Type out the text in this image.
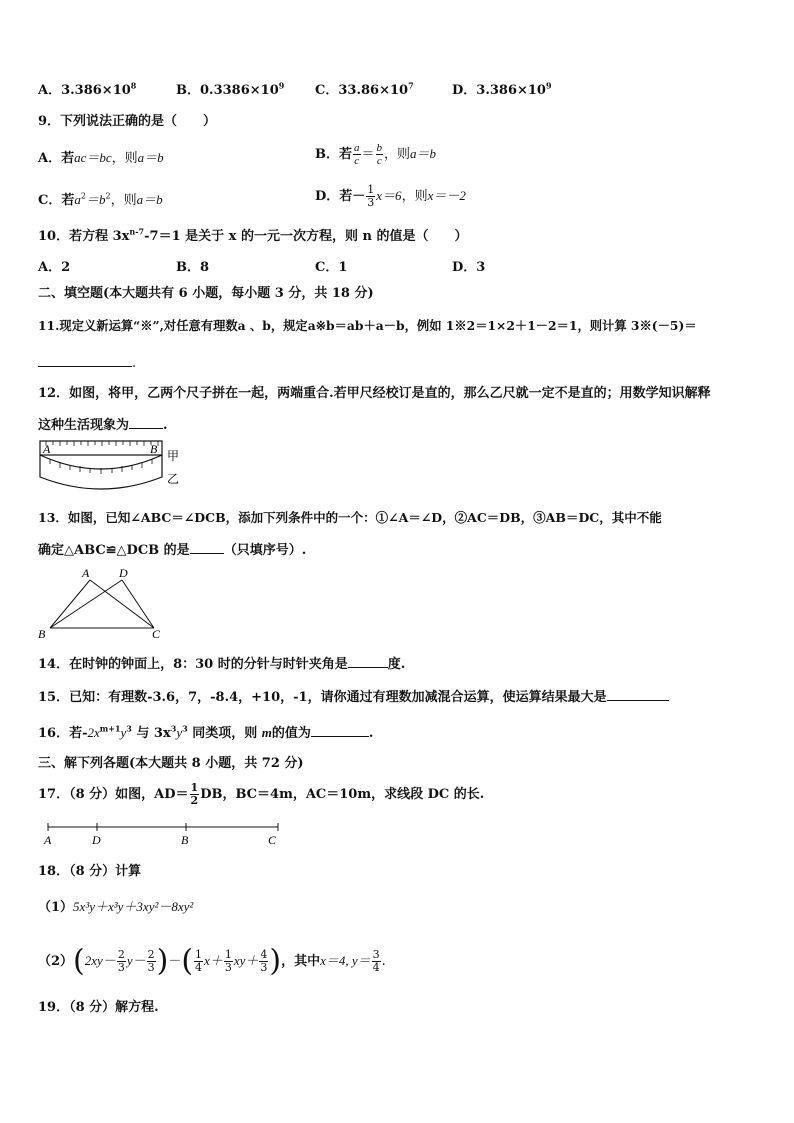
A．$3.386\times 10^8$	B．$0.3386\times 10^9$ C．$33.86\times 10^7$	D．$3.386\times 10^9$
9．下列说法正确的是（　　）
A．若ac＝bc，则a＝b	B．若 $\frac{a}{c} = \frac{b}{c}$ ，则a＝b
C．若$a^2=b^2$，则a＝b	D．若－ $\frac{1}{3} x=6$，则x＝－2
10．若方程 $3x^{n-7}-7=1$ 是关于 x 的一元一次方程，则 n 的值是（　　）
A．2	B．8	C．1	D．3
二、填空题(本大题共有 6 小题，每小题 3 分，共 18 分)
11.现定义新运算“※”,对任意有理数a 、b，规定a※b＝ab＋a－b，例如 1※2＝1×2＋1－2＝1，则计算 3※(－5)＝
.
12．如图，将甲，乙两个尺子拼在一起，两端重合.若甲尺经校订是直的，那么乙尺就一定不是直的；用数学知识解释
这种生活现象为	.
A	B 甲
乙
13．如图，已知∠ABC＝∠DCB，添加下列条件中的一个：①∠A＝∠D，②AC＝DB，③AB＝DC，其中不能
确定△ABC≌△DCB 的是	（只填序号）.
A D
B	C
14．在时钟的钟面上，8：30 时的分针与时针夹角是	度.
15．已知：有理数-3.6，7，-8.4，+10，-1，请你通过有理数加减混合运算，使运算结果最大是
16．若$-2x^{m+1}y^3$ 与 $3x^3y^3$ 同类项，则 m的值为	.
三、解下列各题(本大题共 8 小题，共 72 分)
17．（8 分）如图，$AD= \frac{1}{2}$ DB，BC＝4m，AC＝10m，求线段 DC 的长.
A	D	B	C
18．（8 分）计算
（1）5x³y＋x³y＋3xy²－8xy²
$(2)(2xy- \frac{2}{3} y- \frac{2}{3}$ )－( $\frac{1}{4} x+ \frac{1}{3} xy+ \frac{4}{3}$ )，其中x＝4, $y= \frac{3}{4}$ .
19．（8 分）解方程.
